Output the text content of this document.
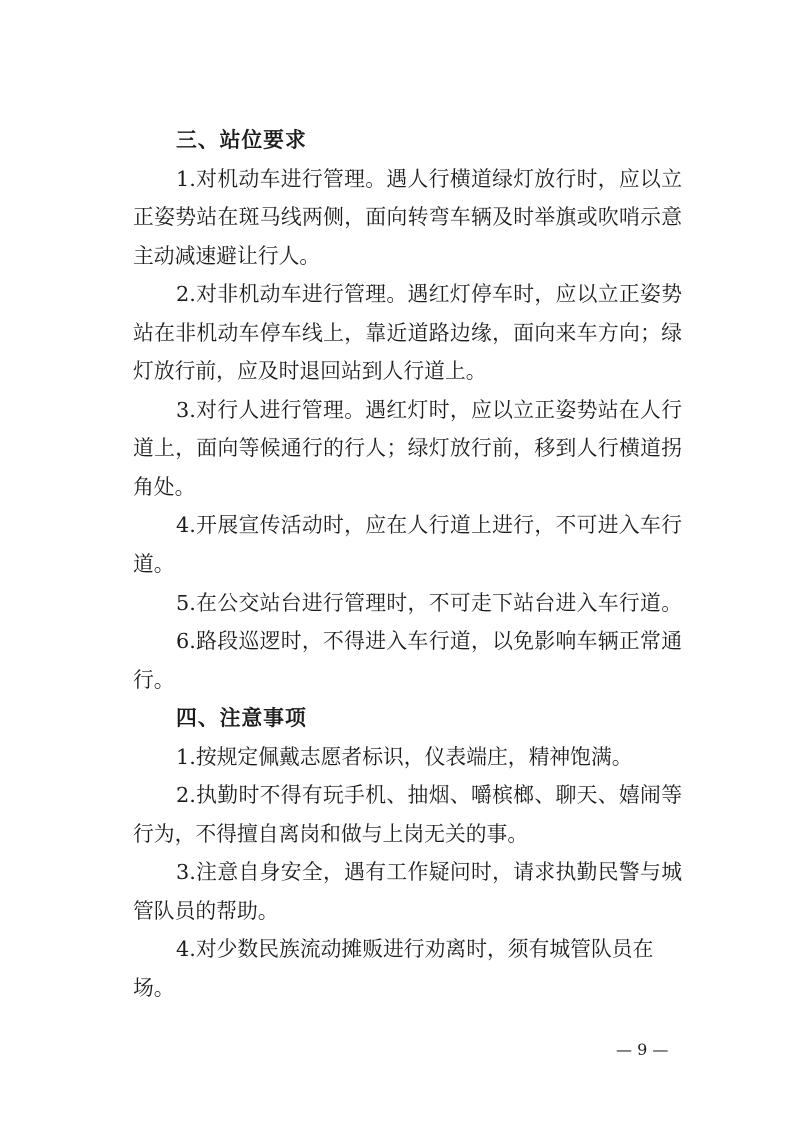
三、站位要求
1.对机动车进行管理。遇人行横道绿灯放行时，应以立
正姿势站在斑马线两侧，面向转弯车辆及时举旗或吹哨示意
主动减速避让行人。
2.对非机动车进行管理。遇红灯停车时，应以立正姿势
站在非机动车停车线上，靠近道路边缘，面向来车方向；绿
灯放行前，应及时退回站到人行道上。
3.对行人进行管理。遇红灯时，应以立正姿势站在人行
道上，面向等候通行的行人；绿灯放行前，移到人行横道拐
角处。
4.开展宣传活动时，应在人行道上进行，不可进入车行
道。
5.在公交站台进行管理时，不可走下站台进入车行道。
6.路段巡逻时，不得进入车行道，以免影响车辆正常通
行。
四、注意事项
1.按规定佩戴志愿者标识，仪表端庄，精神饱满。
2.执勤时不得有玩手机、抽烟、嚼槟榔、聊天、嬉闹等
行为，不得擅自离岗和做与上岗无关的事。
3.注意自身安全，遇有工作疑问时，请求执勤民警与城
管队员的帮助。
4.对少数民族流动摊贩进行劝离时，须有城管队员在
场。
— 9 —
